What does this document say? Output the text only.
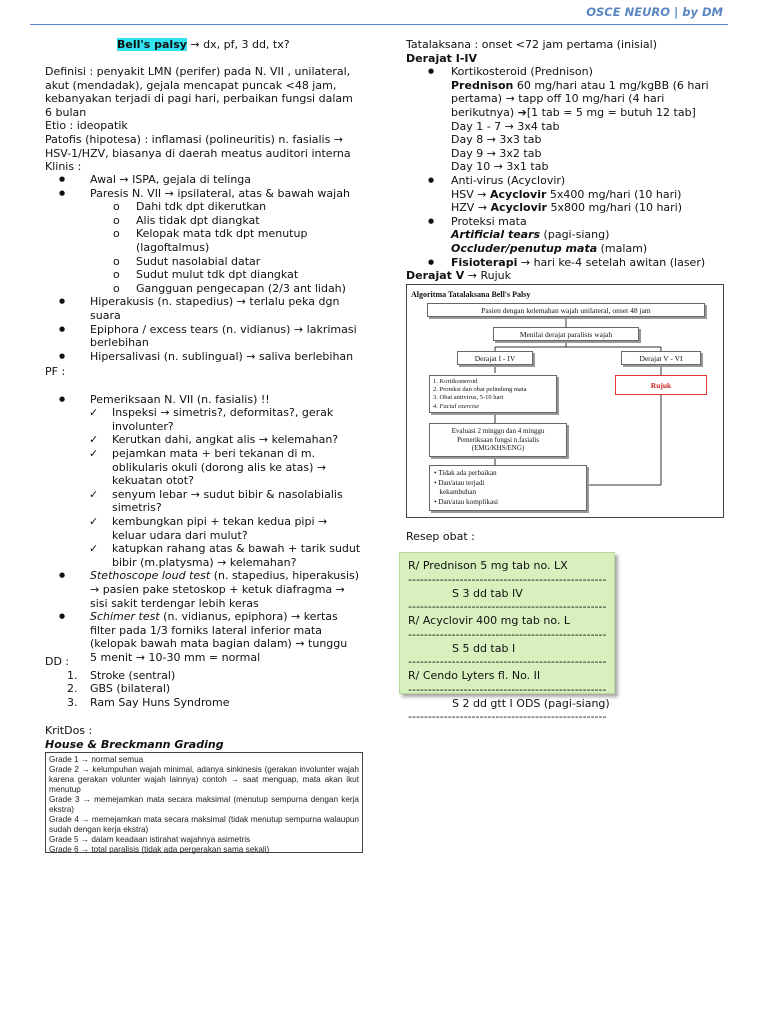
OSCE NEURO | by DM
Bell's palsy → dx, pf, 3 dd, tx?
Definisi : penyakit LMN (perifer) pada N. VII , unilateral,
akut (mendadak), gejala mencapat puncak <48 jam,
kebanyakan terjadi di pagi hari, perbaikan fungsi dalam
6 bulan
Etio : ideopatik
Patofis (hipotesa) : inflamasi (polineuritis) n. fasialis →
HSV-1/HZV, biasanya di daerah meatus auditori interna
Klinis :
● Awal → ISPA, gejala di telinga
● Paresis N. VII → ipsilateral, atas & bawah wajah
o Dahi tdk dpt dikerutkan
o Alis tidak dpt diangkat
o Kelopak mata tdk dpt menutup
(lagoftalmus)
o Sudut nasolabial datar
o Sudut mulut tdk dpt diangkat
o Gangguan pengecapan (2/3 ant lidah)
● Hiperakusis (n. stapedius) → terlalu peka dgn
suara
● Epiphora / excess tears (n. vidianus) → lakrimasi
berlebihan
● Hipersalivasi (n. sublingual) → saliva berlebihan
PF :
● Pemeriksaan N. VII (n. fasialis) !!
✓ Inspeksi → simetris?, deformitas?, gerak
involunter?
✓ Kerutkan dahi, angkat alis → kelemahan?
✓ pejamkan mata + beri tekanan di m.
oblikularis okuli (dorong alis ke atas) →
kekuatan otot?
✓ senyum lebar → sudut bibir & nasolabialis
simetris?
✓ kembungkan pipi + tekan kedua pipi →
keluar udara dari mulut?
✓ katupkan rahang atas & bawah + tarik sudut
bibir (m.platysma) → kelemahan?
● Stethoscope loud test (n. stapedius, hiperakusis)
→ pasien pake stetoskop + ketuk diafragma →
sisi sakit terdengar lebih keras
● Schimer test (n. vidianus, epiphora) → kertas
filter pada 1/3 forniks lateral inferior mata
(kelopak bawah mata bagian dalam) → tunggu
5 menit → 10-30 mm = normal
DD :
1. Stroke (sentral)
2. GBS (bilateral)
3. Ram Say Huns Syndrome
KritDos :
House & Breckmann Grading
Grade 1 → normal semua
Grade 2 → kelumpuhan wajah minimal, adanya sinkinesis (gerakan involunter wajah karena gerakan volunter wajah lainnya) contoh → saat menguap, mata akan ikut menutup
Grade 3 → memejamkan mata secara maksimal (menutup sempurna dengan kerja ekstra)
Grade 4 → memejamkan mata secara maksimal (tidak menutup sempurna walaupun sudah dengan kerja ekstra)
Grade 5 → dalam keadaan istirahat wajahnya asimetris
Grade 6 → total paralisis (tidak ada pergerakan sama sekali)
Tatalaksana : onset <72 jam pertama (inisial)
Derajat I-IV
● Kortikosteroid (Prednison)
Prednison 60 mg/hari atau 1 mg/kgBB (6 hari
pertama) → tapp off 10 mg/hari (4 hari
berikutnya) ➔[1 tab = 5 mg = butuh 12 tab]
Day 1 - 7 → 3x4 tab
Day 8 → 3x3 tab
Day 9 → 3x2 tab
Day 10 → 3x1 tab
● Anti-virus (Acyclovir)
HSV → Acyclovir 5x400 mg/hari (10 hari)
HZV → Acyclovir 5x800 mg/hari (10 hari)
● Proteksi mata
Artificial tears (pagi-siang)
Occluder/penutup mata (malam)
● Fisioterapi → hari ke-4 setelah awitan (laser)
Derajat V → Rujuk
Algoritma Tatalaksana Bell's Palsy
Pasien dengan kelemahan wajah unilateral, onset 48 jam
Menilai derajat paralisis wajah
Derajat I - IV	Derajat V - VI
Rujuk
1. Kortikosteroid
2. Proteksi dan obat pelindung mata
3. Obat antivirus, 5-10 hari
4. Facial exercise
Evaluasi 2 minggu dan 4 minggu
Pemeriksaan fungsi n.fasialis
(EMG/KHS/ENG)
• Tidak ada perbaikan
• Dan/atau terjadi
kekambuhan
• Dan/atau komplikasi
Resep obat :
R/ Prednison 5 mg tab no. LX
--------------------------------------------------
S 3 dd tab IV
--------------------------------------------------
R/ Acyclovir 400 mg tab no. L
--------------------------------------------------
S 5 dd tab I
--------------------------------------------------
R/ Cendo Lyters fl. No. II
--------------------------------------------------
S 2 dd gtt I ODS (pagi-siang)
--------------------------------------------------
